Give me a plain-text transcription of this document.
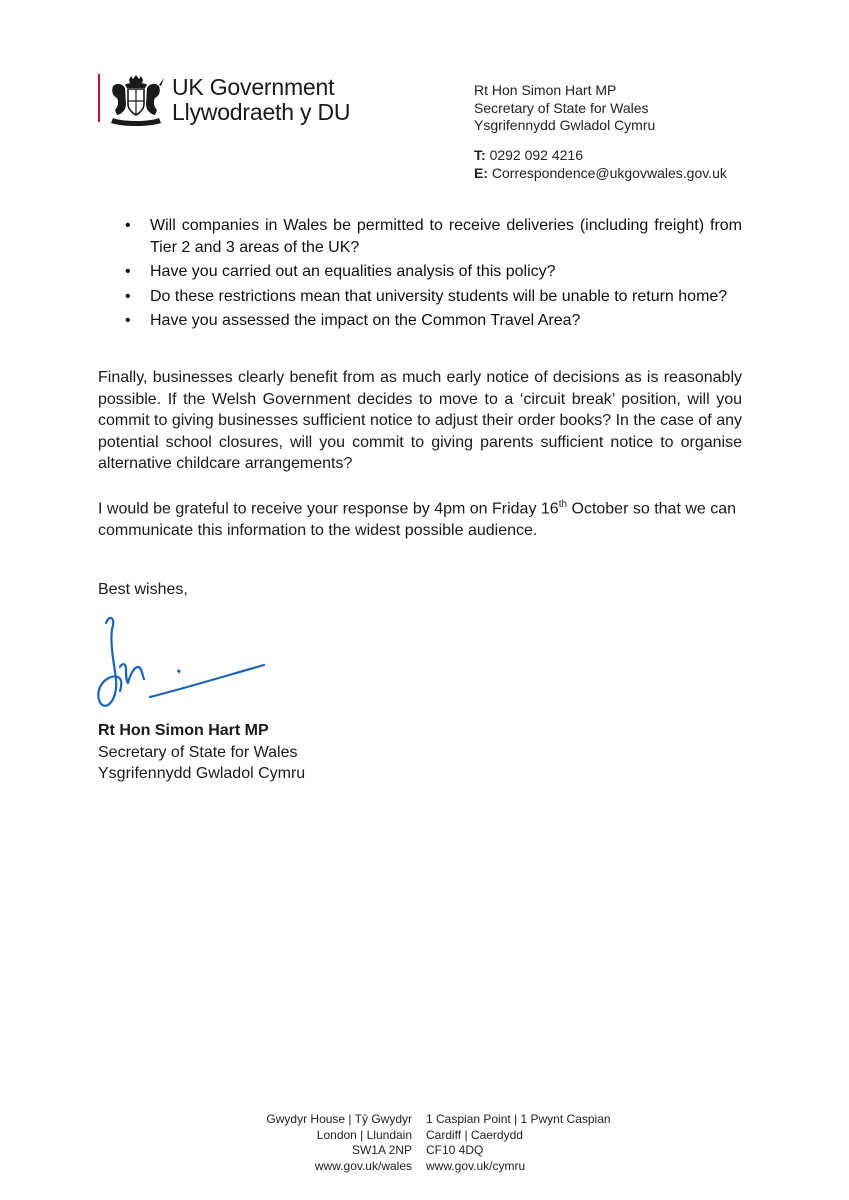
UK Government
Llywodraeth y DU
Rt Hon Simon Hart MP
Secretary of State for Wales
Ysgrifennydd Gwladol Cymru
T: 0292 092 4216
E: Correspondence@ukgovwales.gov.uk
• Will companies in Wales be permitted to receive deliveries (including freight) from Tier 2 and 3 areas of the UK?
• Have you carried out an equalities analysis of this policy?
• Do these restrictions mean that university students will be unable to return home?
• Have you assessed the impact on the Common Travel Area?
Finally, businesses clearly benefit from as much early notice of decisions as is reasonably possible. If the Welsh Government decides to move to a ‘circuit break’ position, will you commit to giving businesses sufficient notice to adjust their order books? In the case of any potential school closures, will you commit to giving parents sufficient notice to organise alternative childcare arrangements?
I would be grateful to receive your response by 4pm on Friday 16th October so that we can communicate this information to the widest possible audience.
Best wishes,
Rt Hon Simon Hart MP
Secretary of State for Wales
Ysgrifennydd Gwladol Cymru
Gwydyr House | Tŷ Gwydyr
London | Llundain
SW1A 2NP
www.gov.uk/wales
1 Caspian Point | 1 Pwynt Caspian
Cardiff | Caerdydd
CF10 4DQ
www.gov.uk/cymru
